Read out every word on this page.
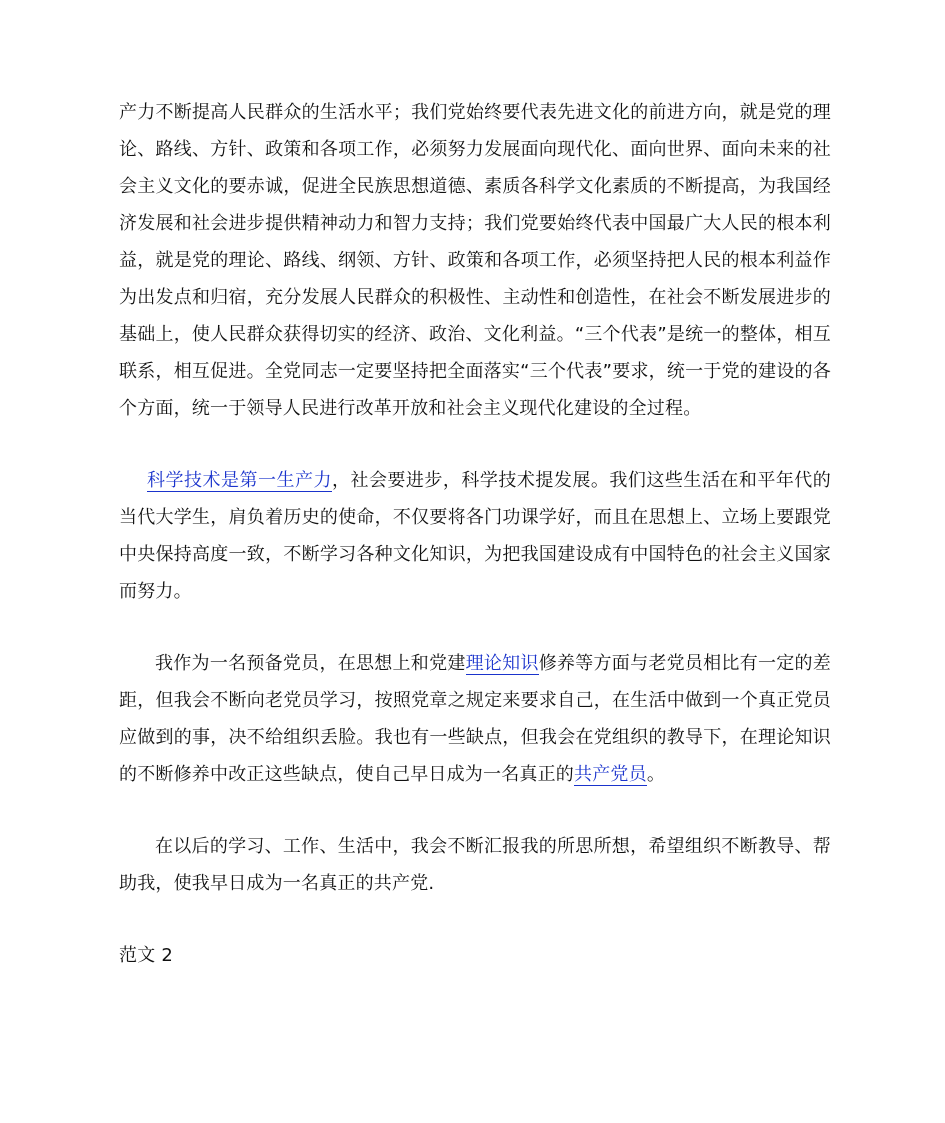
产力不断提高人民群众的生活水平；我们党始终要代表先进文化的前进方向，就是党的理论、路线、方针、政策和各项工作，必须努力发展面向现代化、面向世界、面向未来的社会主义文化的要赤诚，促进全民族思想道德、素质各科学文化素质的不断提高，为我国经济发展和社会进步提供精神动力和智力支持；我们党要始终代表中国最广大人民的根本利益，就是党的理论、路线、纲领、方针、政策和各项工作，必须坚持把人民的根本利益作为出发点和归宿，充分发展人民群众的积极性、主动性和创造性，在社会不断发展进步的基础上，使人民群众获得切实的经济、政治、文化利益。“三个代表”是统一的整体，相互联系，相互促进。全党同志一定要坚持把全面落实“三个代表”要求，统一于党的建设的各个方面，统一于领导人民进行改革开放和社会主义现代化建设的全过程。

科学技术是第一生产力，社会要进步，科学技术提发展。我们这些生活在和平年代的当代大学生，肩负着历史的使命，不仅要将各门功课学好，而且在思想上、立场上要跟党中央保持高度一致，不断学习各种文化知识，为把我国建设成有中国特色的社会主义国家而努力。

我作为一名预备党员，在思想上和党建理论知识修养等方面与老党员相比有一定的差距，但我会不断向老党员学习，按照党章之规定来要求自己，在生活中做到一个真正党员应做到的事，决不给组织丢脸。我也有一些缺点，但我会在党组织的教导下，在理论知识的不断修养中改正这些缺点，使自己早日成为一名真正的共产党员。

在以后的学习、工作、生活中，我会不断汇报我的所思所想，希望组织不断教导、帮助我，使我早日成为一名真正的共产党.

范文 2
